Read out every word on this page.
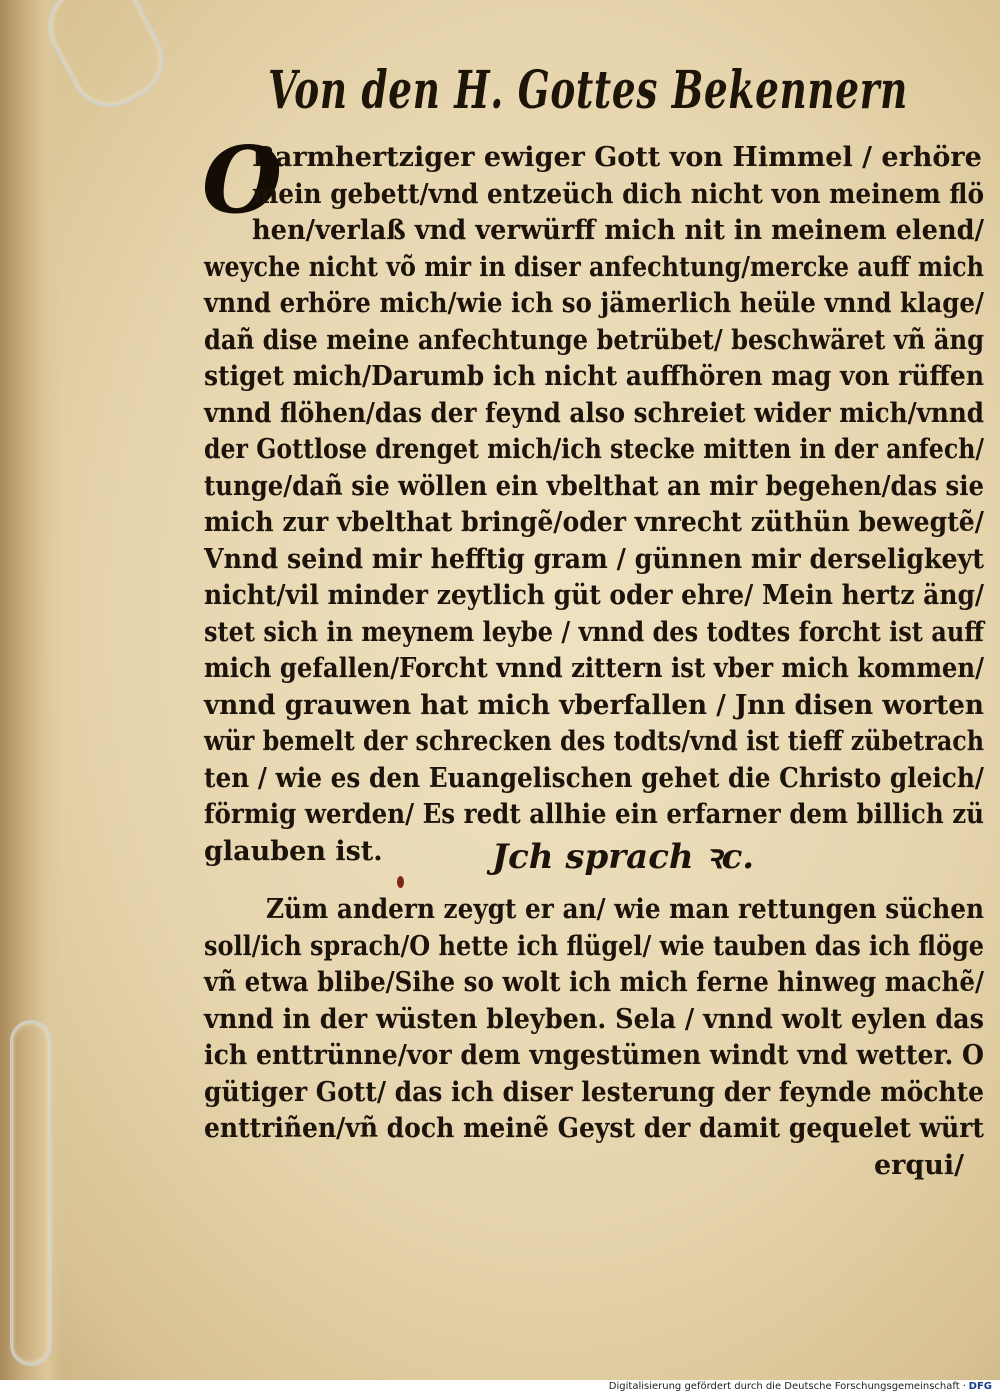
Von den H. Gottes Bekennern
O
Barmhertziger ewiger Gott von Himmel / erhöre
mein gebett/vnd entzeüch dich nicht von meinem flö
hen/verlaß vnd verwürff mich nit in meinem elend/
weyche nicht võ mir in diser anfechtung/mercke auff mich
vnnd erhöre mich/wie ich so jämerlich heüle vnnd klage/
dañ dise meine anfechtunge betrübet/ beschwäret vñ äng
stiget mich/Darumb ich nicht auffhören mag von rüffen
vnnd flöhen/das der feynd also schreiet wider mich/vnnd
der Gottlose drenget mich/ich stecke mitten in der anfech/
tunge/dañ sie wöllen ein vbelthat an mir begehen/das sie
mich zur vbelthat bringẽ/oder vnrecht züthün bewegtẽ/
Vnnd seind mir hefftig gram / günnen mir derseligkeyt
nicht/vil minder zeytlich güt oder ehre/ Mein hertz äng/
stet sich in meynem leybe / vnnd des todtes forcht ist auff
mich gefallen/Forcht vnnd zittern ist vber mich kommen/
vnnd grauwen hat mich vberfallen / Jnn disen worten
wür bemelt der schrecken des todts/vnd ist tieff zübetrach
ten / wie es den Euangelischen gehet die Christo gleich/
förmig werden/ Es redt allhie ein erfarner dem billich zü
glauben ist.	Jch sprach ꝛc.
Züm andern zeygt er an/ wie man rettungen süchen
soll/ich sprach/O hette ich flügel/ wie tauben das ich flöge
vñ etwa blibe/Sihe so wolt ich mich ferne hinweg machẽ/
vnnd in der wüsten bleyben. Sela / vnnd wolt eylen das
ich enttrünne/vor dem vngestümen windt vnd wetter. O
gütiger Gott/ das ich diser lesterung der feynde möchte
enttriñen/vñ doch meinẽ Geyst der damit gequelet würt
erqui/
Digitalisierung gefördert durch die Deutsche Forschungsgemeinschaft · DFG
